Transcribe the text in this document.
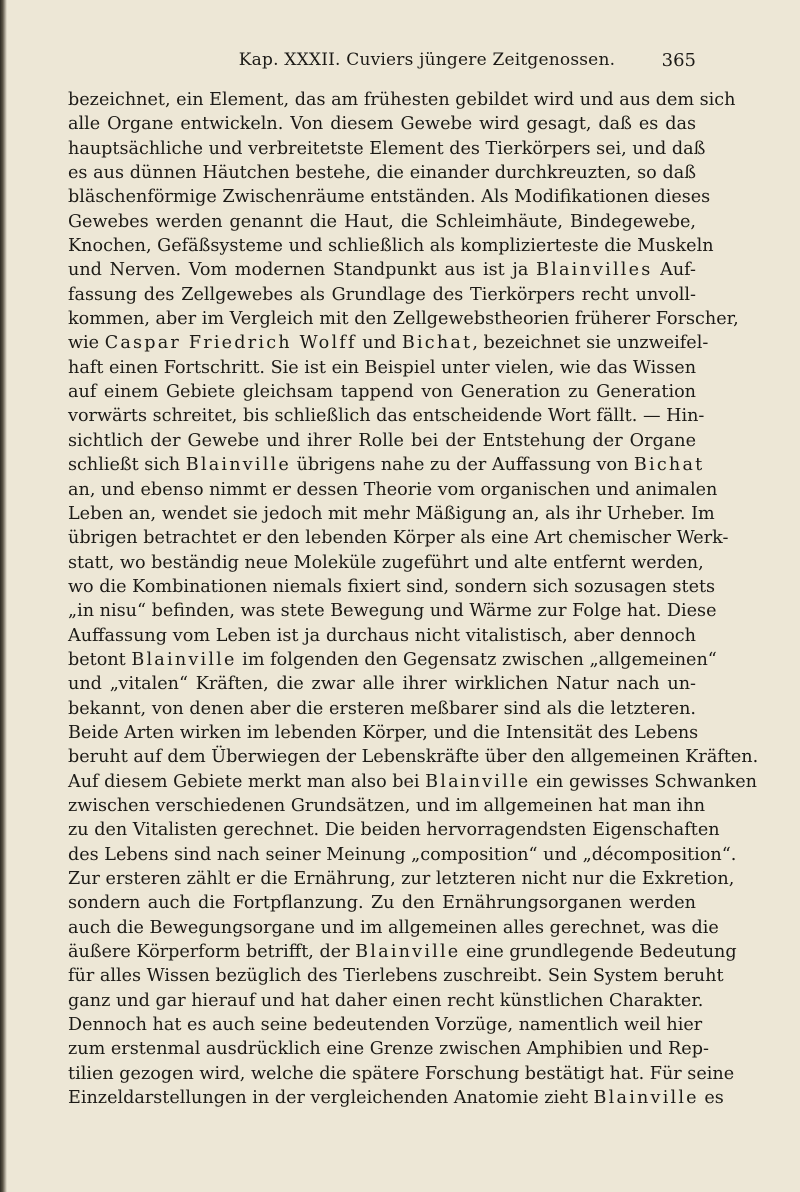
Kap. XXXII. Cuviers jüngere Zeitgenossen.	365
bezeichnet, ein Element, das am frühesten gebildet wird und aus dem sich
alle Organe entwickeln. Von diesem Gewebe wird gesagt, daß es das
hauptsächliche und verbreitetste Element des Tierkörpers sei, und daß
es aus dünnen Häutchen bestehe, die einander durchkreuzten, so daß
bläschenförmige Zwischenräume entständen. Als Modifikationen dieses
Gewebes werden genannt die Haut, die Schleimhäute, Bindegewebe,
Knochen, Gefäßsysteme und schließlich als komplizierteste die Muskeln
und Nerven. Vom modernen Standpunkt aus ist ja Blainvilles Auf-
fassung des Zellgewebes als Grundlage des Tierkörpers recht unvoll-
kommen, aber im Vergleich mit den Zellgewebstheorien früherer Forscher,
wie Caspar Friedrich Wolff und Bichat, bezeichnet sie unzweifel-
haft einen Fortschritt. Sie ist ein Beispiel unter vielen, wie das Wissen
auf einem Gebiete gleichsam tappend von Generation zu Generation
vorwärts schreitet, bis schließlich das entscheidende Wort fällt. — Hin-
sichtlich der Gewebe und ihrer Rolle bei der Entstehung der Organe
schließt sich Blainville übrigens nahe zu der Auffassung von Bichat
an, und ebenso nimmt er dessen Theorie vom organischen und animalen
Leben an, wendet sie jedoch mit mehr Mäßigung an, als ihr Urheber. Im
übrigen betrachtet er den lebenden Körper als eine Art chemischer Werk-
statt, wo beständig neue Moleküle zugeführt und alte entfernt werden,
wo die Kombinationen niemals fixiert sind, sondern sich sozusagen stets
„in nisu“ befinden, was stete Bewegung und Wärme zur Folge hat. Diese
Auffassung vom Leben ist ja durchaus nicht vitalistisch, aber dennoch
betont Blainville im folgenden den Gegensatz zwischen „allgemeinen“
und „vitalen“ Kräften, die zwar alle ihrer wirklichen Natur nach un-
bekannt, von denen aber die ersteren meßbarer sind als die letzteren.
Beide Arten wirken im lebenden Körper, und die Intensität des Lebens
beruht auf dem Überwiegen der Lebenskräfte über den allgemeinen Kräften.
Auf diesem Gebiete merkt man also bei Blainville ein gewisses Schwanken
zwischen verschiedenen Grundsätzen, und im allgemeinen hat man ihn
zu den Vitalisten gerechnet. Die beiden hervorragendsten Eigenschaften
des Lebens sind nach seiner Meinung „composition“ und „décomposition“.
Zur ersteren zählt er die Ernährung, zur letzteren nicht nur die Exkretion,
sondern auch die Fortpflanzung. Zu den Ernährungsorganen werden
auch die Bewegungsorgane und im allgemeinen alles gerechnet, was die
äußere Körperform betrifft, der Blainville eine grundlegende Bedeutung
für alles Wissen bezüglich des Tierlebens zuschreibt. Sein System beruht
ganz und gar hierauf und hat daher einen recht künstlichen Charakter.
Dennoch hat es auch seine bedeutenden Vorzüge, namentlich weil hier
zum erstenmal ausdrücklich eine Grenze zwischen Amphibien und Rep-
tilien gezogen wird, welche die spätere Forschung bestätigt hat. Für seine
Einzeldarstellungen in der vergleichenden Anatomie zieht Blainville es
